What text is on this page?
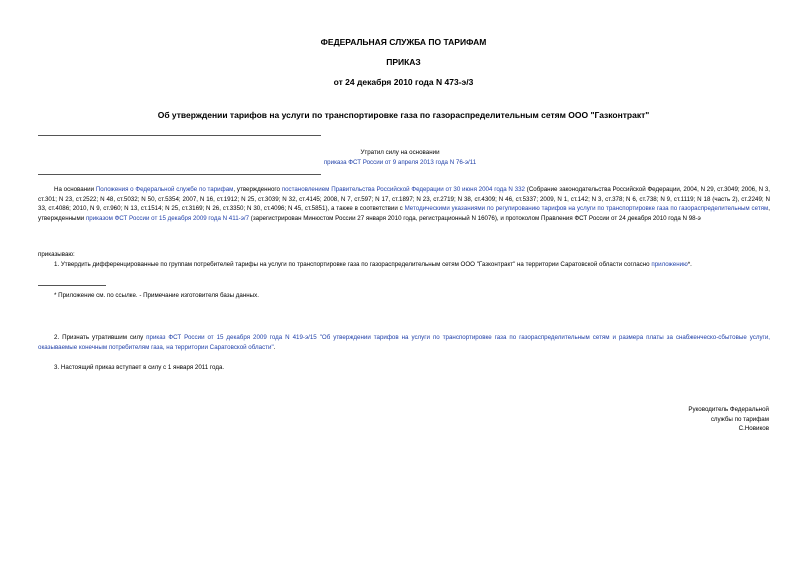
ФЕДЕРАЛЬНАЯ СЛУЖБА ПО ТАРИФАМ
ПРИКАЗ
от 24 декабря 2010 года N 473-э/3
Об утверждении тарифов на услуги по транспортировке газа по газораспределительным сетям ООО "Газконтракт"
Утратил силу на основании
приказа ФСТ России от 9 апреля 2013 года N 76-э/11
На основании Положения о Федеральной службе по тарифам, утвержденного постановлением Правительства Российской Федерации от 30 июня 2004 года N 332 (Собрание законодательства Российской Федерации, 2004, N 29, ст.3049; 2006, N 3, ст.301; N 23, ст.2522; N 48, ст.5032; N 50, ст.5354; 2007, N 16, ст.1912; N 25, ст.3039; N 32, ст.4145; 2008, N 7, ст.597; N 17, ст.1897; N 23, ст.2719; N 38, ст.4309; N 46, ст.5337; 2009, N 1, ст.142; N 3, ст.378; N 6, ст.738; N 9, ст.1119; N 18 (часть 2), ст.2249; N 33, ст.4086; 2010, N 9, ст.960; N 13, ст.1514; N 25, ст.3169; N 26, ст.3350; N 30, ст.4096; N 45, ст.5851), а также в соответствии с Методическими указаниями по регулированию тарифов на услуги по транспортировке газа по газораспределительным сетям, утвержденными приказом ФСТ России от 15 декабря 2009 года N 411-э/7 (зарегистрирован Минюстом России 27 января 2010 года, регистрационный N 16076), и протоколом Правления ФСТ России от 24 декабря 2010 года N 98-э
приказываю:
1. Утвердить дифференцированные по группам потребителей тарифы на услуги по транспортировке газа по газораспределительным сетям ООО "Газконтракт" на территории Саратовской области согласно приложению*.
* Приложение см. по ссылке. - Примечание изготовителя базы данных.
2. Признать утратившим силу приказ ФСТ России от 15 декабря 2009 года N 419-э/15 "Об утверждении тарифов на услуги по транспортировке газа по газораспределительным сетям и размера платы за снабженческо-сбытовые услуги, оказываемые конечным потребителям газа, на территории Саратовской области".
3. Настоящий приказ вступает в силу с 1 января 2011 года.
Руководитель Федеральной
службы по тарифам
С.Новиков
